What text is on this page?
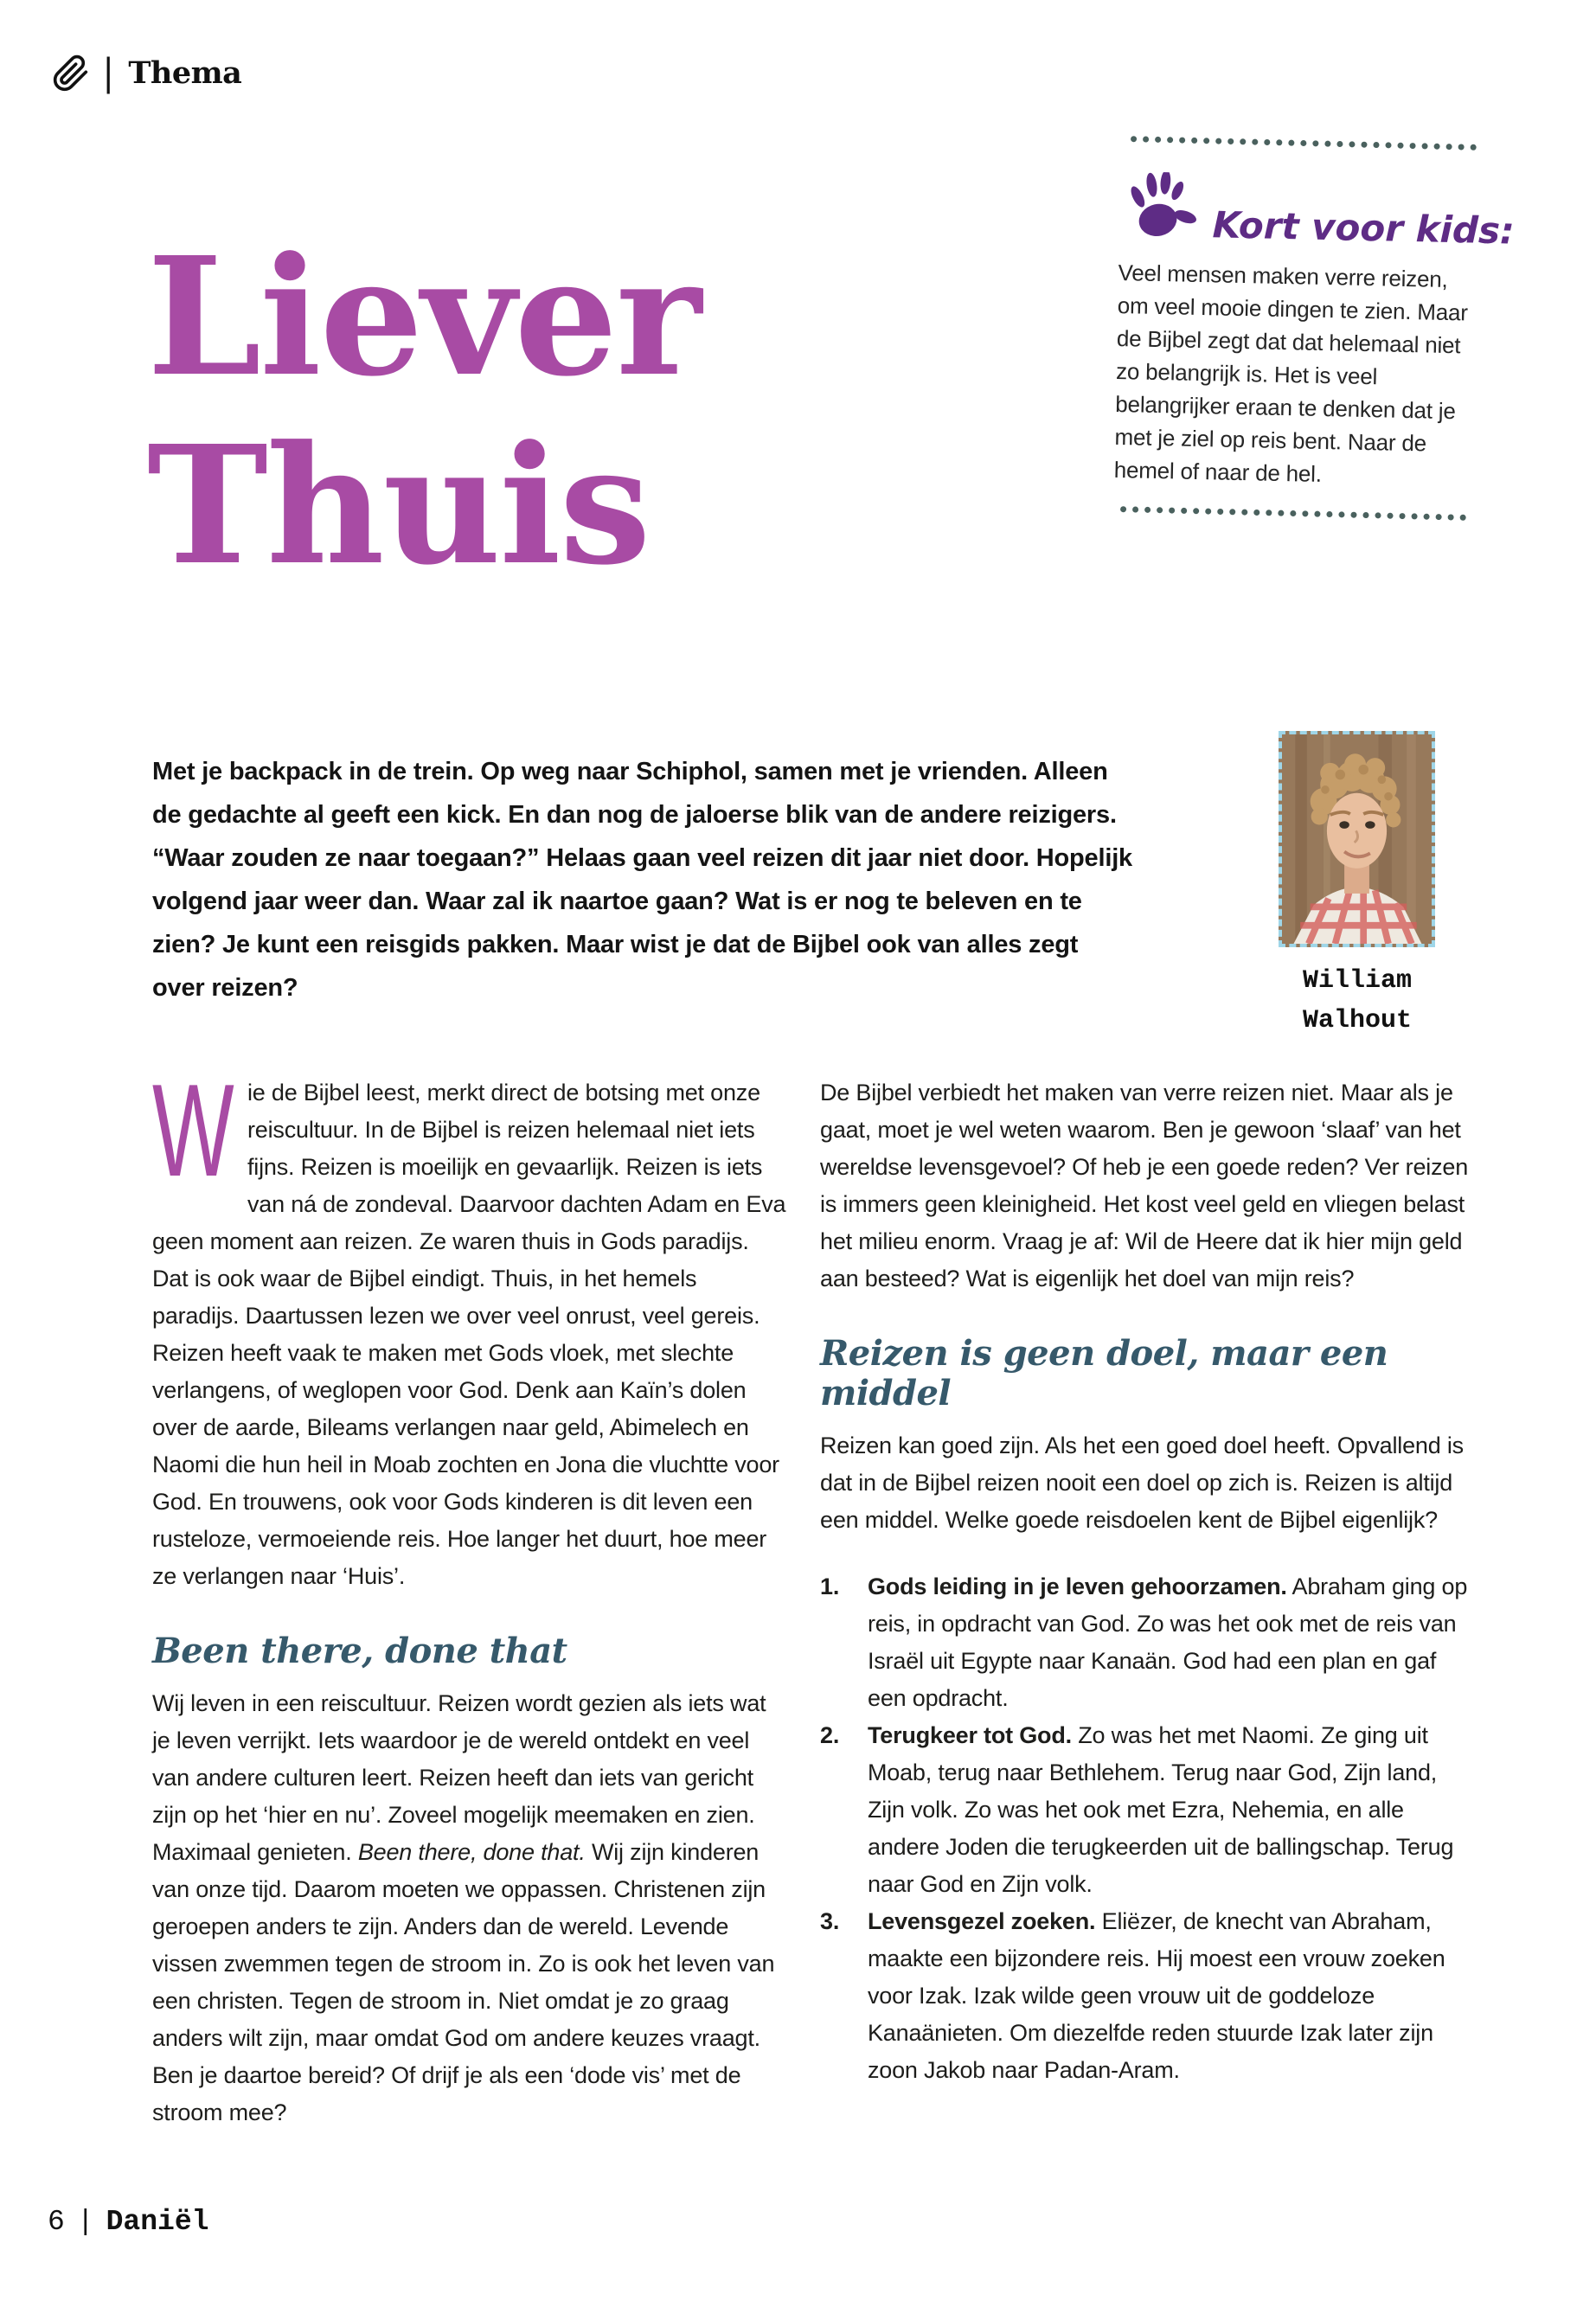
| Thema
Kort voor kids:

Veel mensen maken verre reizen, om veel mooie dingen te zien. Maar de Bijbel zegt dat dat helemaal niet zo belangrijk is. Het is veel belangrijker eraan te denken dat je met je ziel op reis bent. Naar de hemel of naar de hel.

Liever
Thuis

Met je backpack in de trein. Op weg naar Schiphol, samen met je vrienden. Alleen de gedachte al geeft een kick. En dan nog de jaloerse blik van de andere reizigers. “Waar zouden ze naar toegaan?” Helaas gaan veel reizen dit jaar niet door. Hopelijk volgend jaar weer dan. Waar zal ik naartoe gaan? Wat is er nog te beleven en te zien? Je kunt een reisgids pakken. Maar wist je dat de Bijbel ook van alles zegt over reizen?	William
Walhout

Wie de Bijbel leest, merkt direct de botsing met onze reiscultuur. In de Bijbel is reizen helemaal niet iets fijns. Reizen is moeilijk en gevaarlijk. Reizen is iets van ná de zondeval. Daarvoor dachten Adam en Eva geen moment aan reizen. Ze waren thuis in Gods paradijs. Dat is ook waar de Bijbel eindigt. Thuis, in het hemels paradijs. Daartussen lezen we over veel onrust, veel gereis. Reizen heeft vaak te maken met Gods vloek, met slechte verlangens, of weglopen voor God. Denk aan Kaïn’s dolen over de aarde, Bileams verlangen naar geld, Abimelech en Naomi die hun heil in Moab zochten en Jona die vluchtte voor God. En trouwens, ook voor Gods kinderen is dit leven een rusteloze, vermoeiende reis. Hoe langer het duurt, hoe meer ze verlangen naar ‘Huis’.

Been there, done that

Wij leven in een reiscultuur. Reizen wordt gezien als iets wat je leven verrijkt. Iets waardoor je de wereld ontdekt en veel van andere culturen leert. Reizen heeft dan iets van gericht zijn op het ‘hier en nu’. Zoveel mogelijk meemaken en zien. Maximaal genieten. Been there, done that. Wij zijn kinderen van onze tijd. Daarom moeten we oppassen. Christenen zijn geroepen anders te zijn. Anders dan de wereld. Levende vissen zwemmen tegen de stroom in. Zo is ook het leven van een christen. Tegen de stroom in. Niet omdat je zo graag anders wilt zijn, maar omdat God om andere keuzes vraagt. Ben je daartoe bereid? Of drijf je als een ‘dode vis’ met de stroom mee?

De Bijbel verbiedt het maken van verre reizen niet. Maar als je gaat, moet je wel weten waarom. Ben je gewoon ‘slaaf’ van het wereldse levensgevoel? Of heb je een goede reden? Ver reizen is immers geen kleinigheid. Het kost veel geld en vliegen belast het milieu enorm. Vraag je af: Wil de Heere dat ik hier mijn geld aan besteed? Wat is eigenlijk het doel van mijn reis?

Reizen is geen doel, maar een middel

Reizen kan goed zijn. Als het een goed doel heeft. Opvallend is dat in de Bijbel reizen nooit een doel op zich is. Reizen is altijd een middel. Welke goede reisdoelen kent de Bijbel eigenlijk?

1.	Gods leiding in je leven gehoorzamen. Abraham ging op reis, in opdracht van God. Zo was het ook met de reis van Israël uit Egypte naar Kanaän. God had een plan en gaf een opdracht.
2.	Terugkeer tot God. Zo was het met Naomi. Ze ging uit Moab, terug naar Bethlehem. Terug naar God, Zijn land, Zijn volk. Zo was het ook met Ezra, Nehemia, en alle andere Joden die terugkeerden uit de ballingschap. Terug naar God en Zijn volk.
3.	Levensgezel zoeken. Eliëzer, de knecht van Abraham, maakte een bijzondere reis. Hij moest een vrouw zoeken voor Izak. Izak wilde geen vrouw uit de goddeloze Kanaänieten. Om diezelfde reden stuurde Izak later zijn zoon Jakob naar Padan-Aram.
6 | Daniël
